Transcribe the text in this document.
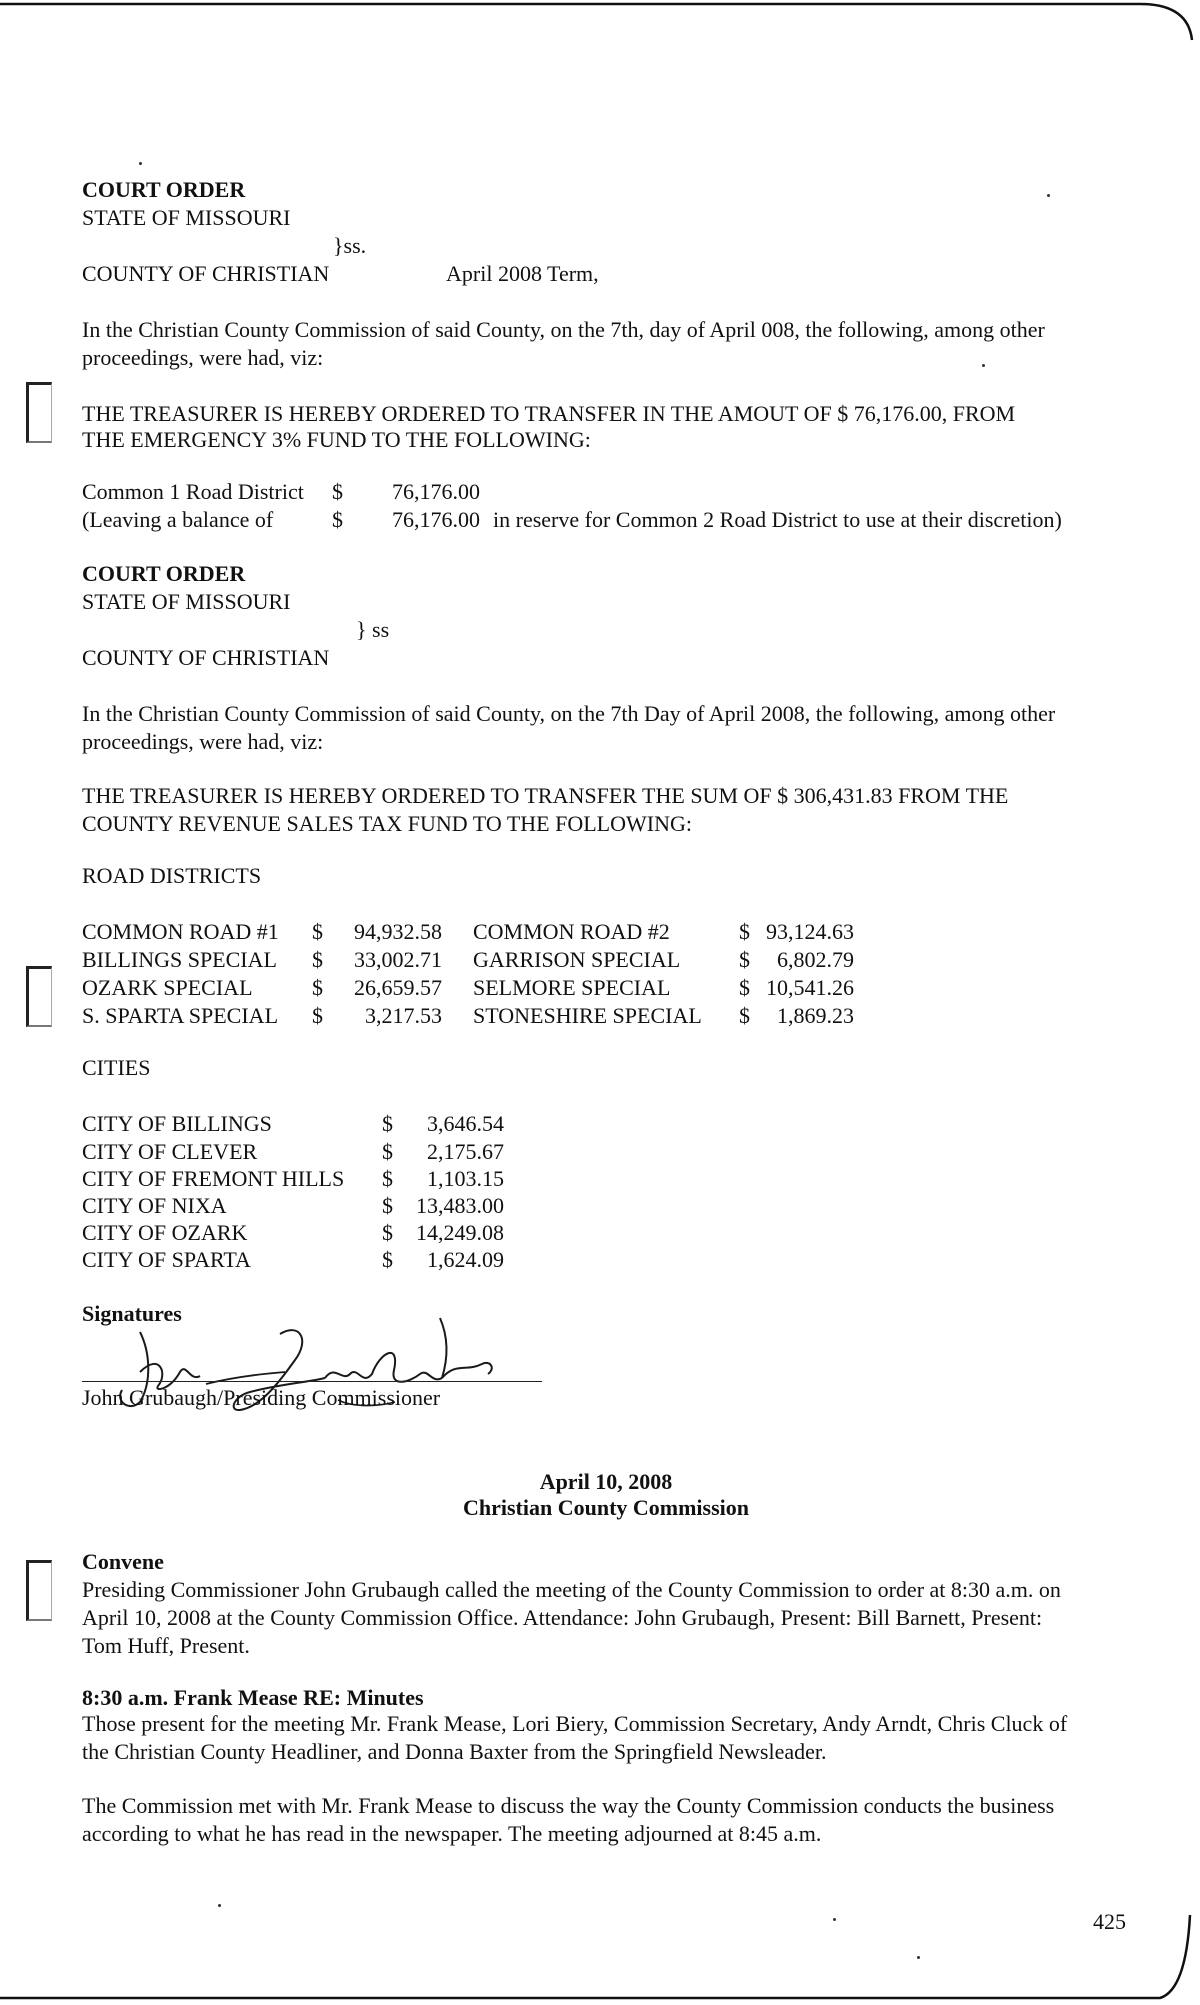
COURT ORDER
STATE OF MISSOURI
}ss.
COUNTY OF CHRISTIAN	April 2008 Term,
In the Christian County Commission of said County, on the 7th, day of April 008, the following, among other proceedings, were had, viz:
THE TREASURER IS HEREBY ORDERED TO TRANSFER IN THE AMOUT OF $ 76,176.00, FROM
THE EMERGENCY 3% FUND TO THE FOLLOWING:
Common 1 Road District $ 76,176.00
(Leaving a balance of	$ 76,176.00 in reserve for Common 2 Road District to use at their discretion)
COURT ORDER
STATE OF MISSOURI
} ss
COUNTY OF CHRISTIAN
In the Christian County Commission of said County, on the 7th Day of April 2008, the following, among other proceedings, were had, viz:
THE TREASURER IS HEREBY ORDERED TO TRANSFER THE SUM OF $ 306,431.83 FROM THE
COUNTY REVENUE SALES TAX FUND TO THE FOLLOWING:
ROAD DISTRICTS
COMMON ROAD #1 $	94,932.58 COMMON ROAD #2	$ 93,124.63
BILLINGS SPECIAL $	33,002.71 GARRISON SPECIAL	$	6,802.79
OZARK SPECIAL	$	26,659.57 SELMORE SPECIAL	$ 10,541.26
S. SPARTA SPECIAL $	3,217.53 STONESHIRE SPECIAL $	1,869.23
CITIES
CITY OF BILLINGS	$	3,646.54
CITY OF CLEVER	$	2,175.67
CITY OF FREMONT HILLS $	1,103.15
CITY OF NIXA	$	13,483.00
CITY OF OZARK	$	14,249.08
CITY OF SPARTA	$	1,624.09
Signatures
John Grubaugh/Presiding Commissioner
April 10, 2008
Christian County Commission
Convene
Presiding Commissioner John Grubaugh called the meeting of the County Commission to order at 8:30 a.m. on April 10, 2008 at the County Commission Office. Attendance: John Grubaugh, Present: Bill Barnett, Present: Tom Huff, Present.
8:30 a.m. Frank Mease RE: Minutes
Those present for the meeting Mr. Frank Mease, Lori Biery, Commission Secretary, Andy Arndt, Chris Cluck of the Christian County Headliner, and Donna Baxter from the Springfield Newsleader.
The Commission met with Mr. Frank Mease to discuss the way the County Commission conducts the business according to what he has read in the newspaper. The meeting adjourned at 8:45 a.m.
425
